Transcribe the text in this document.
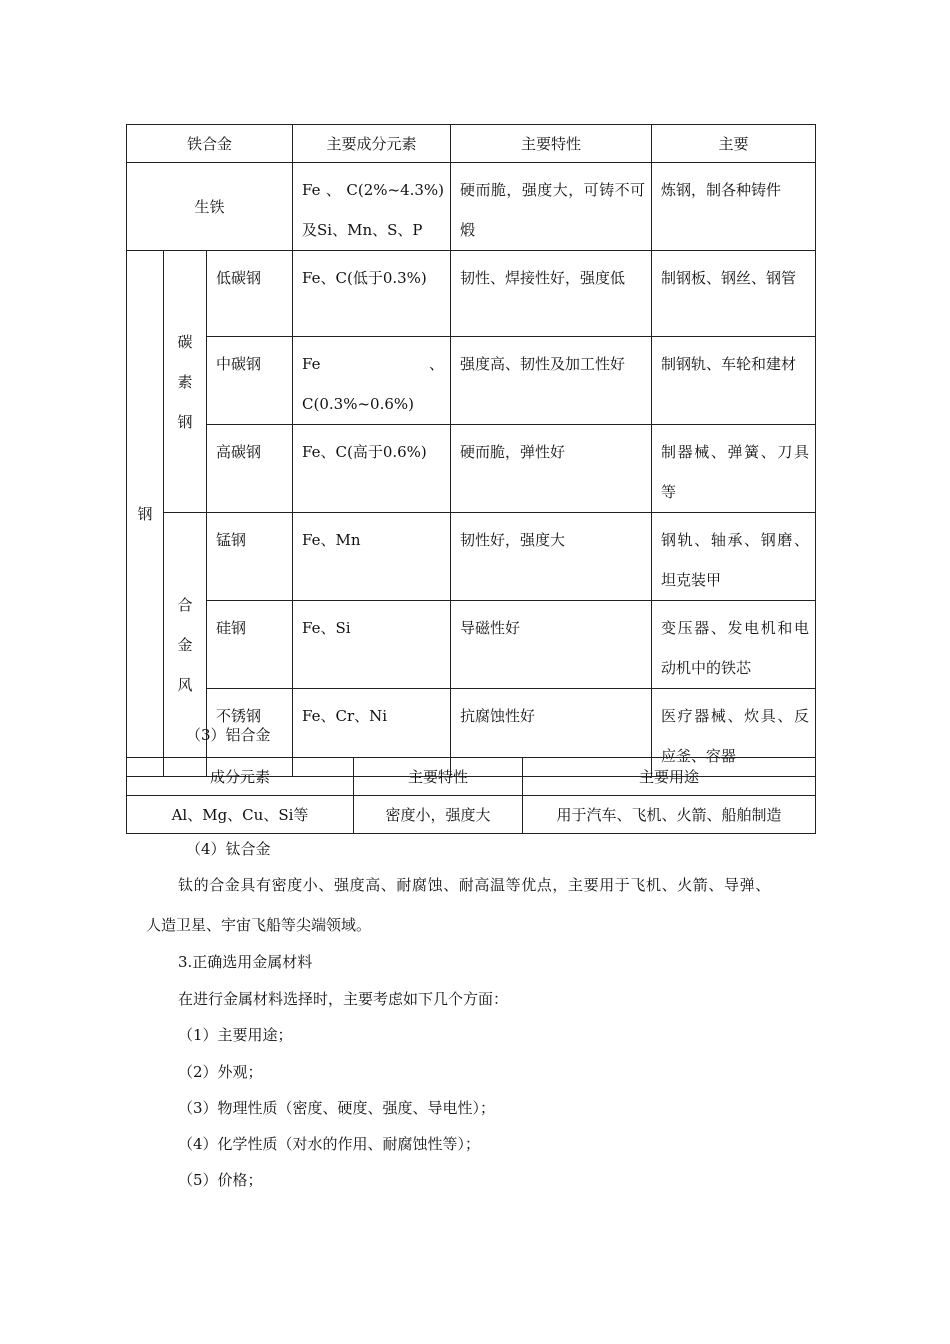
铁合金			主要成分元素	主要特性	主要
生铁			Fe、C(2%~4.3%)及Si、Mn、S、P	硬而脆，强度大，可铸不可煅	炼钢，制各种铸件
钢	碳素钢	低碳钢	Fe、C(低于0.3%)	韧性、焊接性好，强度低	制钢板、钢丝、钢管
		中碳钢	Fe、C(0.3%~0.6%)	强度高、韧性及加工性好	制钢轨、车轮和建材
		高碳钢	Fe、C(高于0.6%)	硬而脆，弹性好	制器械、弹簧、刀具等
	合金风	锰钢	Fe、Mn	韧性好，强度大	钢轨、轴承、钢磨、坦克装甲
		硅钢	Fe、Si	导磁性好	变压器、发电机和电动机中的铁芯
		不锈钢	Fe、Cr、Ni	抗腐蚀性好	医疗器械、炊具、反应釜、容器
（3）铝合金
成分元素	主要特性	主要用途
Al、Mg、Cu、Si等	密度小，强度大	用于汽车、飞机、火箭、船舶制造
（4）钛合金
钛的合金具有密度小、强度高、耐腐蚀、耐高温等优点，主要用于飞机、火箭、导弹、
人造卫星、宇宙飞船等尖端领域。
3.正确选用金属材料
在进行金属材料选择时，主要考虑如下几个方面：
（1）主要用途；
（2）外观；
（3）物理性质（密度、硬度、强度、导电性）；
（4）化学性质（对水的作用、耐腐蚀性等）；
（5）价格；
